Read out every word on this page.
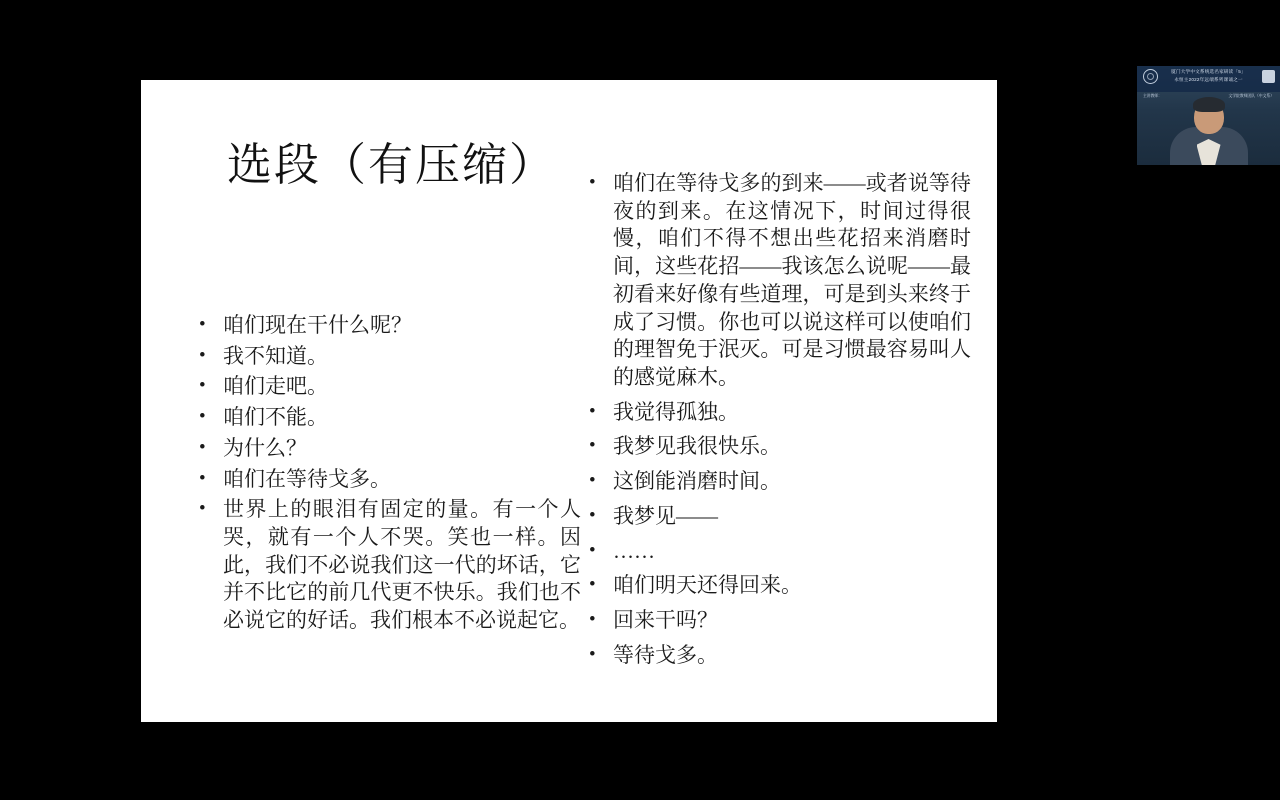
选段（有压缩）
• 咱们现在干什么呢？
• 我不知道。
• 咱们走吧。
• 咱们不能。
• 为什么？
• 咱们在等待戈多。
• 世界上的眼泪有固定的量。有一个人哭，就有一个人不哭。笑也一样。因此，我们不必说我们这一代的坏话，它并不比它的前几代更不快乐。我们也不必说它的好话。我们根本不必说起它。
• 咱们在等待戈多的到来——或者说等待夜的到来。在这情况下，时间过得很慢，咱们不得不想出些花招来消磨时间，这些花招——我该怎么说呢——最初看来好像有些道理，可是到头来终于成了习惯。你也可以说这样可以使咱们的理智免于泯灭。可是习惯最容易叫人的感觉麻木。
• 我觉得孤独。
• 我梦见我很快乐。
• 这倒能消磨时间。
• 我梦见——
• ……
• 咱们明天还得回来。
• 回来干吗？
• 等待戈多。
厦门大学中文系统选名家研读「5」
永恒主2022年远端系列课诵之一
主讲教师：	文学院教师团队（中文系）
